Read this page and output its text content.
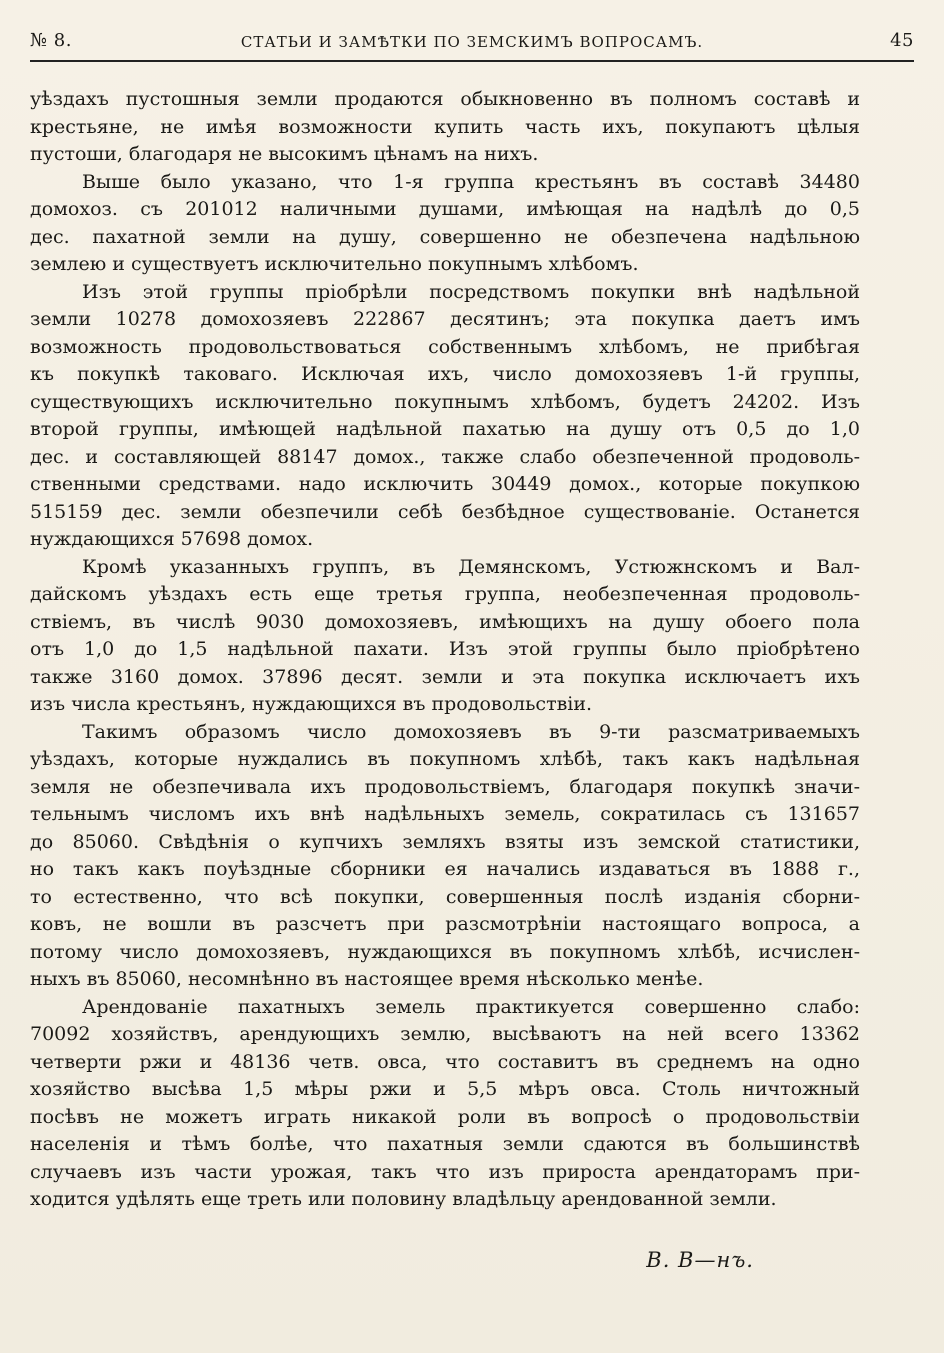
№ 8.	СТАТЬИ И ЗАМѢТКИ ПО ЗЕМСКИМЪ ВОПРОСАМЪ.	45
уѣздахъ пустошныя земли продаются обыкновенно въ полномъ составѣ и
крестьяне, не имѣя возможности купить часть ихъ, покупаютъ цѣлыя
пустоши, благодаря не высокимъ цѣнамъ на нихъ.
Выше было указано, что 1-я группа крестьянъ въ составѣ 34480
домохоз. съ 201012 наличными душами, имѣющая на надѣлѣ до 0,5
дес. пахатной земли на душу, совершенно не обезпечена надѣльною
землею и существуетъ исключительно покупнымъ хлѣбомъ.
Изъ этой группы пріобрѣли посредствомъ покупки внѣ надѣльной
земли 10278 домохозяевъ 222867 десятинъ; эта покупка даетъ имъ
возможность продовольствоваться собственнымъ хлѣбомъ, не прибѣгая
къ покупкѣ таковаго. Исключая ихъ, число домохозяевъ 1-й группы,
существующихъ исключительно покупнымъ хлѣбомъ, будетъ 24202. Изъ
второй группы, имѣющей надѣльной пахатью на душу отъ 0,5 до 1,0
дес. и составляющей 88147 домох., также слабо обезпеченной продоволь-
ственными средствами. надо исключить 30449 домох., которые покупкою
515159 дес. земли обезпечили себѣ безбѣдное существованіе. Останется
нуждающихся 57698 домох.
Кромѣ указанныхъ группъ, въ Демянскомъ, Устюжнскомъ и Вал-
дайскомъ уѣздахъ есть еще третья группа, необезпеченная продоволь-
ствіемъ, въ числѣ 9030 домохозяевъ, имѣющихъ на душу обоего пола
отъ 1,0 до 1,5 надѣльной пахати. Изъ этой группы было пріобрѣтено
также 3160 домох. 37896 десят. земли и эта покупка исключаетъ ихъ
изъ числа крестьянъ, нуждающихся въ продовольствіи.
Такимъ образомъ число домохозяевъ въ 9-ти разсматриваемыхъ
уѣздахъ, которые нуждались въ покупномъ хлѣбѣ, такъ какъ надѣльная
земля не обезпечивала ихъ продовольствіемъ, благодаря покупкѣ значи-
тельнымъ числомъ ихъ внѣ надѣльныхъ земель, сократилась съ 131657
до 85060. Свѣдѣнія о купчихъ земляхъ взяты изъ земской статистики,
но такъ какъ поуѣздные сборники ея начались издаваться въ 1888 г.,
то естественно, что всѣ покупки, совершенныя послѣ изданія сборни-
ковъ, не вошли въ разсчетъ при разсмотрѣніи настоящаго вопроса, а
потому число домохозяевъ, нуждающихся въ покупномъ хлѣбѣ, исчислен-
ныхъ въ 85060, несомнѣнно въ настоящее время нѣсколько менѣе.
Арендованіе пахатныхъ земель практикуется совершенно слабо:
70092 хозяйствъ, арендующихъ землю, высѣваютъ на ней всего 13362
четверти ржи и 48136 четв. овса, что составитъ въ среднемъ на одно
хозяйство высѣва 1,5 мѣры ржи и 5,5 мѣръ овса. Столь ничтожный
посѣвъ не можетъ играть никакой роли въ вопросѣ о продовольствіи
населенія и тѣмъ болѣе, что пахатныя земли сдаются въ большинствѣ
случаевъ изъ части урожая, такъ что изъ прироста арендаторамъ при-
ходится удѣлять еще треть или половину владѣльцу арендованной земли.
В. В—нъ.
